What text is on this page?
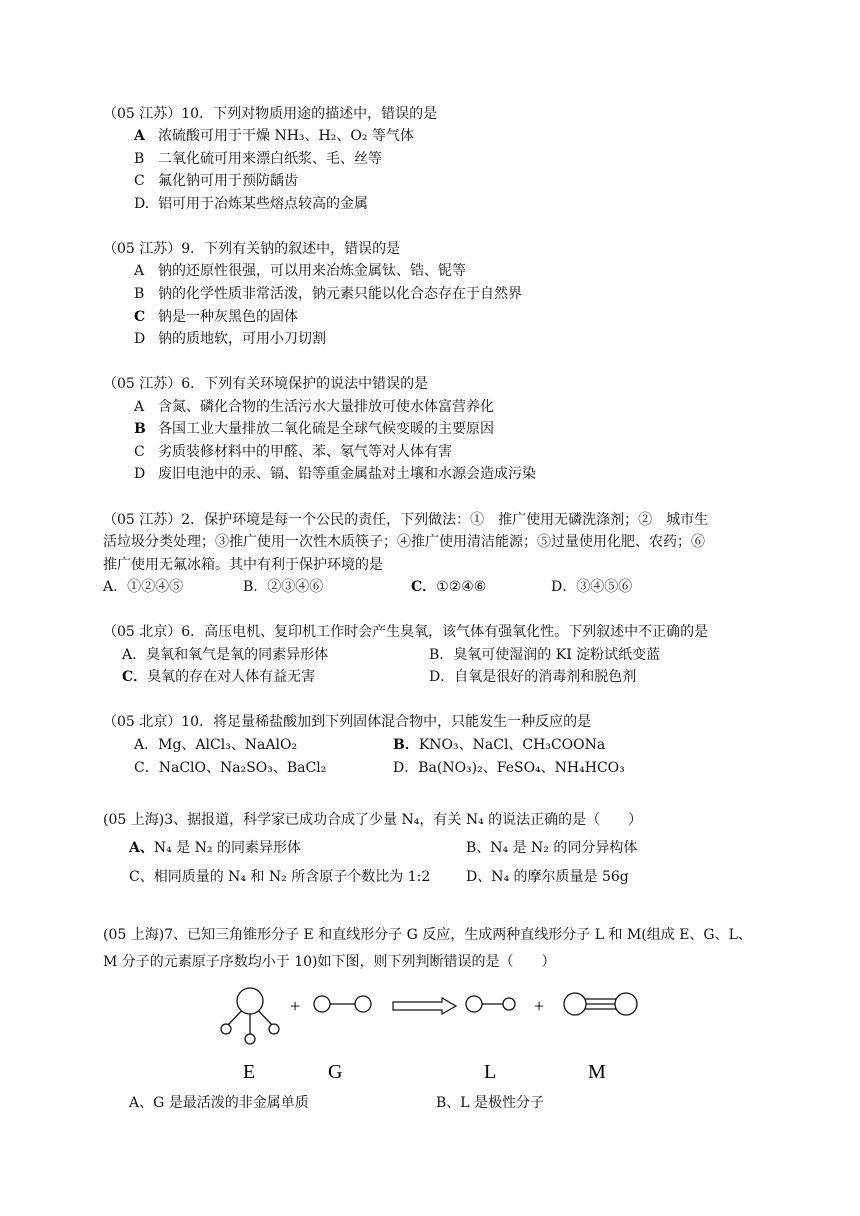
（05 江苏）10．下列对物质用途的描述中，错误的是
A 浓硫酸可用于干燥 NH₃、H₂、O₂ 等气体
B 二氧化硫可用来漂白纸浆、毛、丝等
C 氟化钠可用于预防龋齿
D. 铝可用于冶炼某些熔点较高的金属
（05 江苏）9．下列有关钠的叙述中，错误的是
A 钠的还原性很强，可以用来冶炼金属钛、锆、铌等
B 钠的化学性质非常活泼，钠元素只能以化合态存在于自然界
C 钠是一种灰黑色的固体
D 钠的质地软，可用小刀切割
（05 江苏）6．下列有关环境保护的说法中错误的是
A 含氮、磷化合物的生活污水大量排放可使水体富营养化
B 各国工业大量排放二氧化硫是全球气候变暖的主要原因
C 劣质装修材料中的甲醛、苯、氡气等对人体有害
D 废旧电池中的汞、镉、铅等重金属盐对土壤和水源会造成污染
（05 江苏）2．保护环境是每一个公民的责任，下列做法：①　推广使用无磷洗涤剂；②　城市生
活垃圾分类处理；③推广使用一次性木质筷子；④推广使用清洁能源；⑤过量使用化肥、农药；⑥
推广使用无氟冰箱。其中有利于保护环境的是
A．①②④⑤	B．②③④⑥	C．①②④⑥	D．③④⑤⑥
（05 北京）6．高压电机、复印机工作时会产生臭氧，该气体有强氧化性。下列叙述中不正确的是
A．臭氧和氧气是氧的同素异形体	B．臭氧可使湿润的 KI 淀粉试纸变蓝
C．臭氧的存在对人体有益无害	D．自氧是很好的消毒剂和脱色剂
（05 北京）10．将足量稀盐酸加到下列固体混合物中，只能发生一种反应的是
A．Mg、AlCl₃、NaAlO₂	B．KNO₃、NaCl、CH₃COONa
C．NaClO、Na₂SO₃、BaCl₂	D．Ba(NO₃)₂、FeSO₄、NH₄HCO₃
(05 上海)3、据报道，科学家已成功合成了少量 N₄，有关 N₄ 的说法正确的是（　　）
A、N₄ 是 N₂ 的同素异形体	B、N₄ 是 N₂ 的同分异构体
C、相同质量的 N₄ 和 N₂ 所含原子个数比为 1:2	D、N₄ 的摩尔质量是 56g
(05 上海)7、已知三角锥形分子 E 和直线形分子 G 反应，生成两种直线形分子 L 和 M(组成 E、G、L、
M 分子的元素原子序数均小于 10)如下图，则下列判断错误的是（　　）
+	+
E	G	L	M
A、G 是最活泼的非金属单质	B、L 是极性分子
